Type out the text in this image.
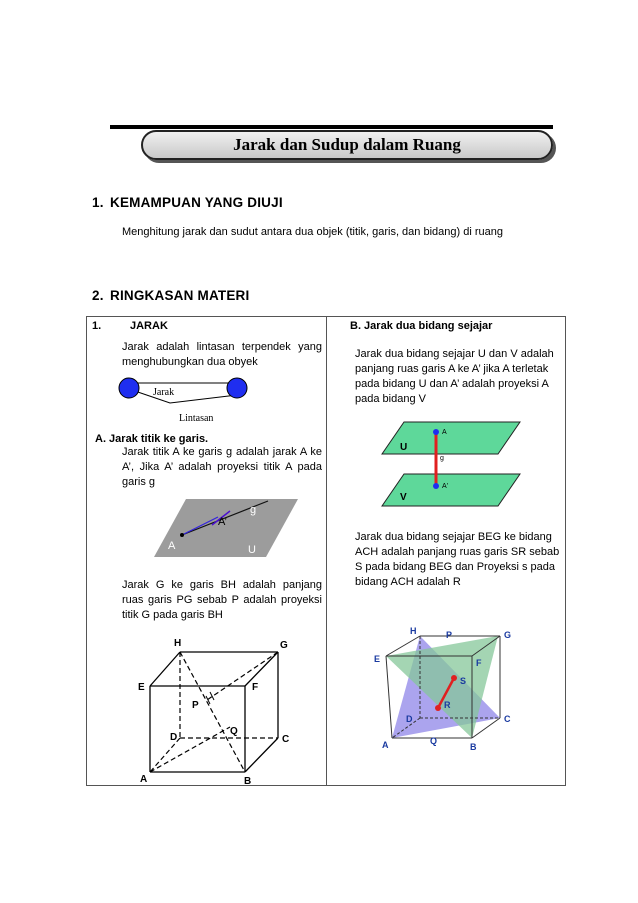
Jarak dan Sudup dalam Ruang
1. KEMAMPUAN YANG DIUJI
Menghitung jarak dan sudut antara dua objek (titik, garis, dan bidang) di ruang
2. RINGKASAN MATERI
1.	JARAK
Jarak adalah lintasan terpendek yang menghubungkan dua obyek
Jarak
Lintasan
A. Jarak titik ke garis.
Jarak titik A ke garis g adalah jarak A ke A’, Jika A’ adalah proyeksi titik A pada garis g
A
A’
g
U
Jarak G ke garis BH adalah panjang ruas garis PG sebab P adalah proyeksi titik G pada garis BH
H	G
E	F
P
Q
D	C
A	B
B. Jarak dua bidang sejajar
Jarak dua bidang sejajar U dan V adalah panjang ruas garis A ke A’ jika A terletak pada bidang U dan A’ adalah proyeksi A pada bidang V
U
V
A
A'
g
Jarak dua bidang sejajar BEG ke bidang ACH adalah panjang ruas garis SR sebab S pada bidang BEG dan Proyeksi s pada bidang ACH adalah R
H	P	G
E	F
S
R
D	C
A	Q
B
